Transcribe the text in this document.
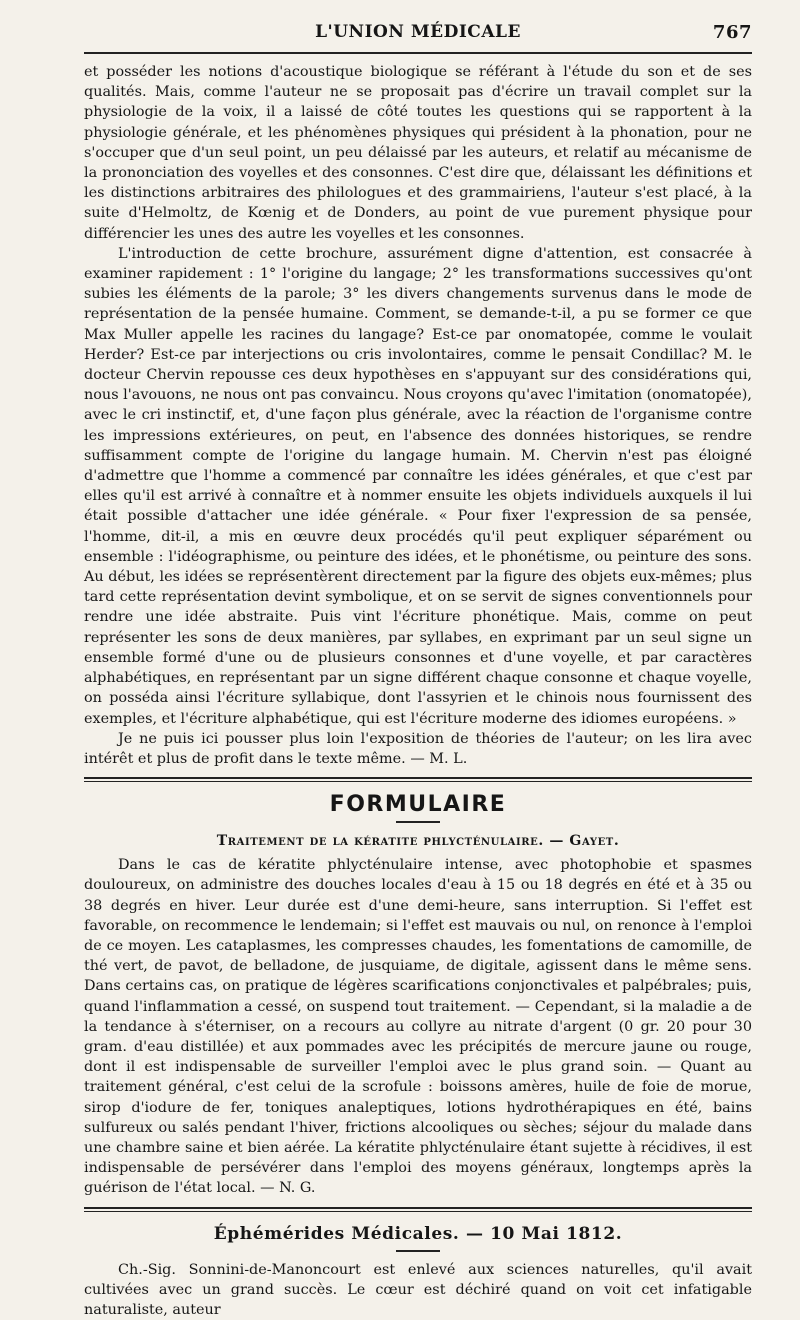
L'UNION MÉDICALE	767

et posséder les notions d'acoustique biologique se référant à l'étude du son et de ses qualités. Mais, comme l'auteur ne se proposait pas d'écrire un travail complet sur la physiologie de la voix, il a laissé de côté toutes les questions qui se rapportent à la physiologie générale, et les phénomènes physiques qui président à la phonation, pour ne s'occuper que d'un seul point, un peu délaissé par les auteurs, et relatif au mécanisme de la prononciation des voyelles et des consonnes. C'est dire que, délaissant les définitions et les distinctions arbitraires des philologues et des grammairiens, l'auteur s'est placé, à la suite d'Helmoltz, de Kœnig et de Donders, au point de vue purement physique pour différencier les unes des autre les voyelles et les consonnes.

L'introduction de cette brochure, assurément digne d'attention, est consacrée à examiner rapidement : 1° l'origine du langage; 2° les transformations successives qu'ont subies les éléments de la parole; 3° les divers changements survenus dans le mode de représentation de la pensée humaine. Comment, se demande-t-il, a pu se former ce que Max Muller appelle les racines du langage? Est-ce par onomatopée, comme le voulait Herder? Est-ce par interjections ou cris involontaires, comme le pensait Condillac? M. le docteur Chervin repousse ces deux hypothèses en s'appuyant sur des considérations qui, nous l'avouons, ne nous ont pas convaincu. Nous croyons qu'avec l'imitation (onomatopée), avec le cri instinctif, et, d'une façon plus générale, avec la réaction de l'organisme contre les impressions extérieures, on peut, en l'absence des données historiques, se rendre suffisamment compte de l'origine du langage humain. M. Chervin n'est pas éloigné d'admettre que l'homme a commencé par connaître les idées générales, et que c'est par elles qu'il est arrivé à connaître et à nommer ensuite les objets individuels auxquels il lui était possible d'attacher une idée générale. « Pour fixer l'expression de sa pensée, l'homme, dit-il, a mis en œuvre deux procédés qu'il peut expliquer séparément ou ensemble : l'idéographisme, ou peinture des idées, et le phonétisme, ou peinture des sons. Au début, les idées se représentèrent directement par la figure des objets eux-mêmes; plus tard cette représentation devint symbolique, et on se servit de signes conventionnels pour rendre une idée abstraite. Puis vint l'écriture phonétique. Mais, comme on peut représenter les sons de deux manières, par syllabes, en exprimant par un seul signe un ensemble formé d'une ou de plusieurs consonnes et d'une voyelle, et par caractères alphabétiques, en représentant par un signe différent chaque consonne et chaque voyelle, on posséda ainsi l'écriture syllabique, dont l'assyrien et le chinois nous fournissent des exemples, et l'écriture alphabétique, qui est l'écriture moderne des idiomes européens. »

Je ne puis ici pousser plus loin l'exposition de théories de l'auteur; on les lira avec intérêt et plus de profit dans le texte même. — M. L.

FORMULAIRE
Traitement de la kératite phlycténulaire. — Gayet.

Dans le cas de kératite phlycténulaire intense, avec photophobie et spasmes douloureux, on administre des douches locales d'eau à 15 ou 18 degrés en été et à 35 ou 38 degrés en hiver. Leur durée est d'une demi-heure, sans interruption. Si l'effet est favorable, on recommence le lendemain; si l'effet est mauvais ou nul, on renonce à l'emploi de ce moyen. Les cataplasmes, les compresses chaudes, les fomentations de camomille, de thé vert, de pavot, de belladone, de jusquiame, de digitale, agissent dans le même sens. Dans certains cas, on pratique de légères scarifications conjonctivales et palpébrales; puis, quand l'inflammation a cessé, on suspend tout traitement. — Cependant, si la maladie a de la tendance à s'éterniser, on a recours au collyre au nitrate d'argent (0 gr. 20 pour 30 gram. d'eau distillée) et aux pommades avec les précipités de mercure jaune ou rouge, dont il est indispensable de surveiller l'emploi avec le plus grand soin. — Quant au traitement général, c'est celui de la scrofule : boissons amères, huile de foie de morue, sirop d'iodure de fer, toniques analeptiques, lotions hydrothérapiques en été, bains sulfureux ou salés pendant l'hiver, frictions alcooliques ou sèches; séjour du malade dans une chambre saine et bien aérée. La kératite phlycténulaire étant sujette à récidives, il est indispensable de persévérer dans l'emploi des moyens généraux, longtemps après la guérison de l'état local. — N. G.

Éphémérides Médicales. — 10 Mai 1812.

Ch.-Sig. Sonnini-de-Manoncourt est enlevé aux sciences naturelles, qu'il avait cultivées avec un grand succès. Le cœur est déchiré quand on voit cet infatigable naturaliste, auteur
